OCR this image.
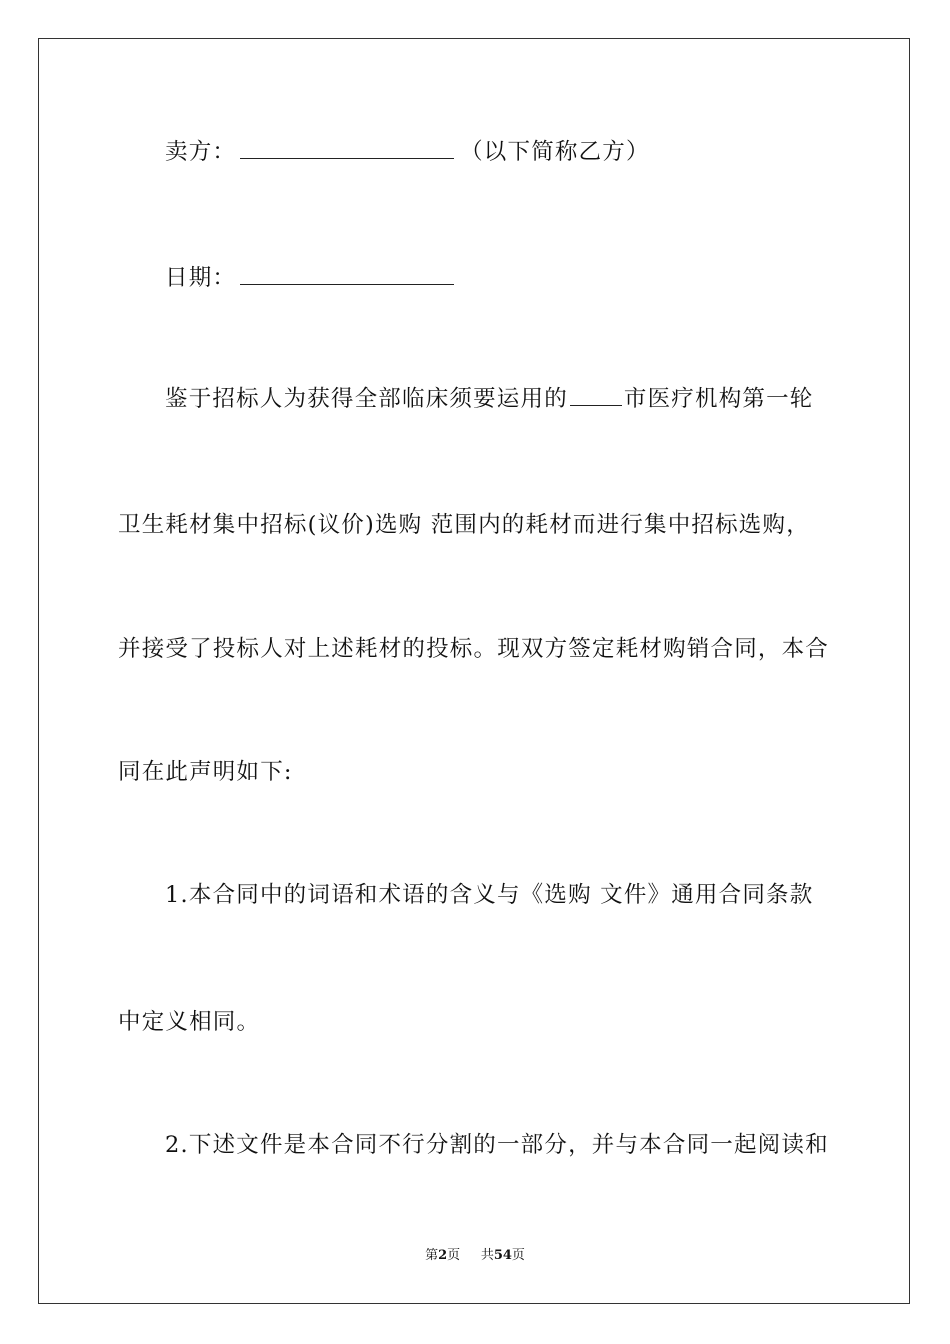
卖方：	（以下简称乙方）
日期：
鉴于招标人为获得全部临床须要运用的 市医疗机构第一轮
卫生耗材集中招标(议价)选购 范围内的耗材而进行集中招标选购，
并接受了投标人对上述耗材的投标。现双方签定耗材购销合同，本合
同在此声明如下:
1.本合同中的词语和术语的含义与《选购 文件》通用合同条款
中定义相同。
2.下述文件是本合同不行分割的一部分，并与本合同一起阅读和
第2页 共54页
